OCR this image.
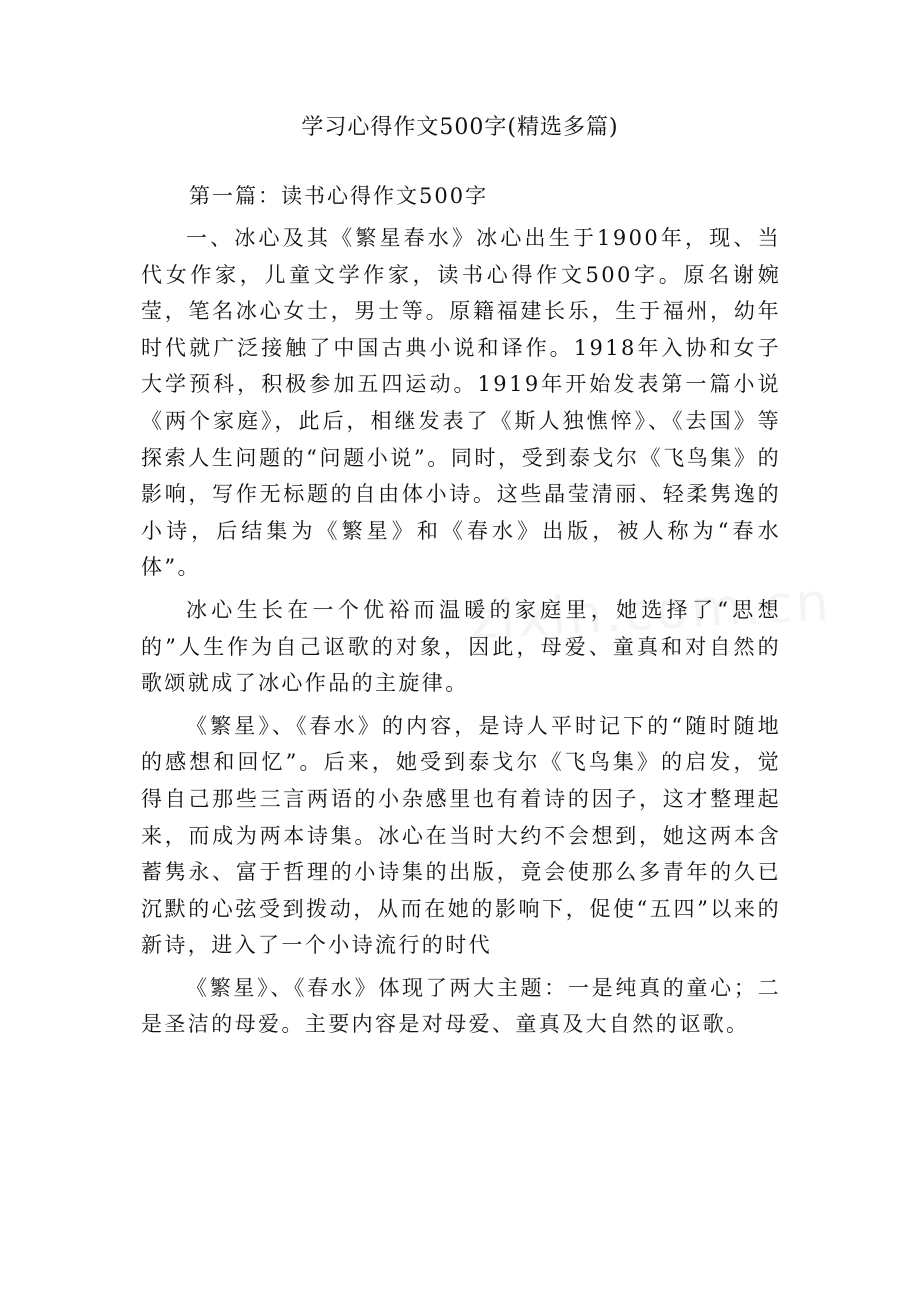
学习心得作文500字(精选多篇)

第一篇：读书心得作文500字

一、冰心及其《繁星春水》冰心出生于1900年，现、当代女作家，儿童文学作家，读书心得作文500字。原名谢婉莹，笔名冰心女士，男士等。原籍福建长乐，生于福州，幼年时代就广泛接触了中国古典小说和译作。1918年入协和女子大学预科，积极参加五四运动。1919年开始发表第一篇小说《两个家庭》，此后，相继发表了《斯人独憔悴》、《去国》等探索人生问题的“问题小说”。同时，受到泰戈尔《飞鸟集》的影响，写作无标题的自由体小诗。这些晶莹清丽、轻柔隽逸的小诗，后结集为《繁星》和《春水》出版，被人称为“春水体”。

冰心生长在一个优裕而温暖的家庭里，她选择了“思想的”人生作为自己讴歌的对象，因此，母爱、童真和对自然的歌颂就成了冰心作品的主旋律。

《繁星》、《春水》的内容，是诗人平时记下的“随时随地的感想和回忆”。后来，她受到泰戈尔《飞鸟集》的启发，觉得自己那些三言两语的小杂感里也有着诗的因子，这才整理起来，而成为两本诗集。冰心在当时大约不会想到，她这两本含蓄隽永、富于哲理的小诗集的出版，竟会使那么多青年的久已沉默的心弦受到拨动，从而在她的影响下，促使“五四”以来的新诗，进入了一个小诗流行的时代

《繁星》、《春水》体现了两大主题：一是纯真的童心；二是圣洁的母爱。主要内容是对母爱、童真及大自然的讴歌。
